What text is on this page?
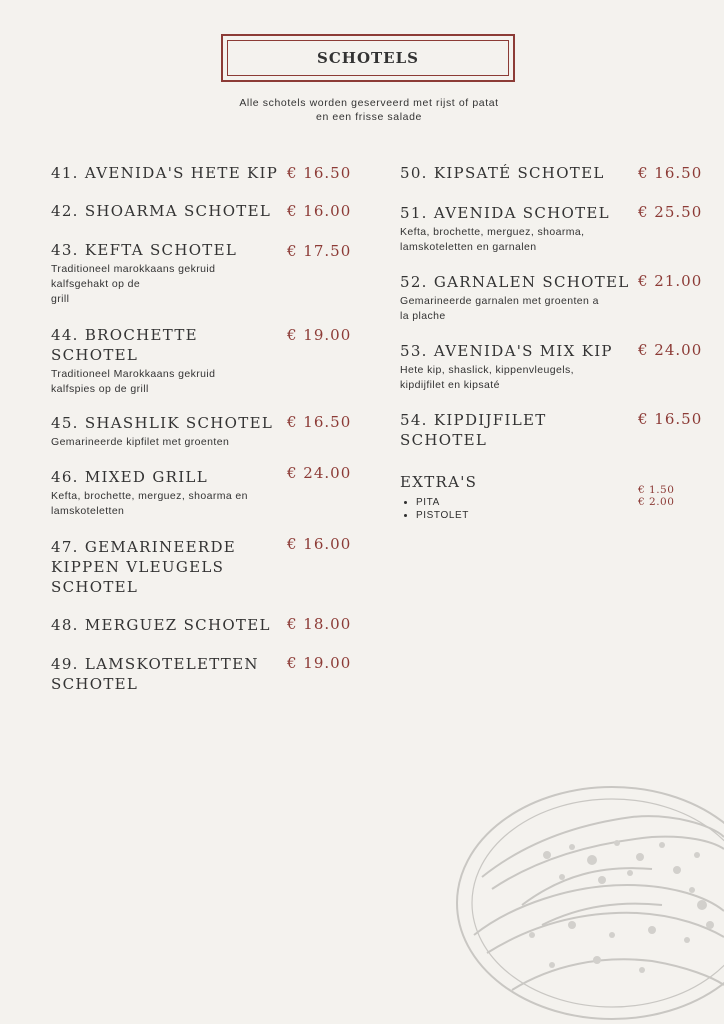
SCHOTELS
Alle schotels worden geserveerd met rijst of patat
en een frisse salade
41. AVENIDA'S HETE KIP € 16.50
42. SHOARMA SCHOTEL € 16.00
43. KEFTA SCHOTEL
Traditioneel marokkaans gekruid
kalfsgehakt op de
grill
€ 17.50
44. BROCHETTE
SCHOTEL
Traditioneel Marokkaans gekruid
kalfspies op de grill
€ 19.00
45. SHASHLIK SCHOTEL
Gemarineerde kipfilet met groenten
€ 16.50
46. MIXED GRILL
Kefta, brochette, merguez, shoarma en
lamskoteletten
€ 24.00
47. GEMARINEERDE
KIPPEN VLEUGELS
SCHOTEL
€ 16.00
48. MERGUEZ SCHOTEL € 18.00
49. LAMSKOTELETTEN
SCHOTEL
€ 19.00
50. KIPSATÉ SCHOTEL € 16.50
51. AVENIDA SCHOTEL
Kefta, brochette, merguez, shoarma,
lamskoteletten en garnalen
€ 25.50
52. GARNALEN SCHOTEL
Gemarineerde garnalen met groenten a
la plache
€ 21.00
53. AVENIDA'S MIX KIP
Hete kip, shaslick, kippenvleugels,
kipdijfilet en kipsaté
€ 24.00
54. KIPDIJFILET
SCHOTEL
€ 16.50
EXTRA'S
• PITA
• PISTOLET
€ 1.50
€ 2.00
